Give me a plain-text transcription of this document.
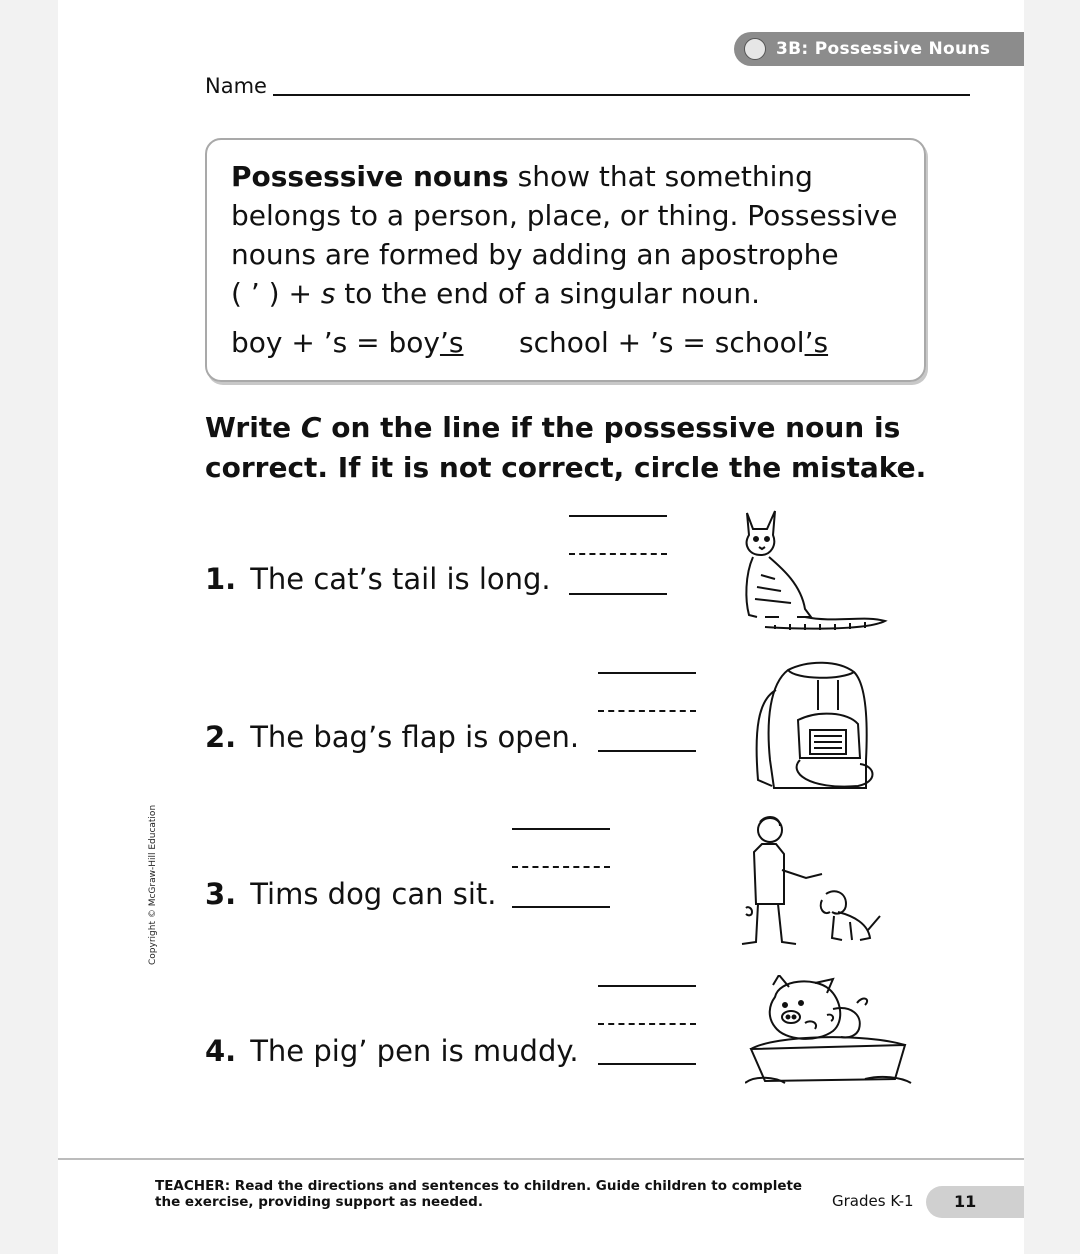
3B: Possessive Nouns
Name
Possessive nouns show that something
belongs to a person, place, or thing. Possessive
nouns are formed by adding an apostrophe
( ’ ) + s to the end of a singular noun.
boy + ’s = boy’s school + ’s = school’s
Write C on the line if the possessive noun is
correct. If it is not correct, circle the mistake.
1. The cat’s tail is long.
2. The bag’s flap is open.
3. Tims dog can sit.
4. The pig’ pen is muddy.
Copyright © McGraw-Hill Education
TEACHER: Read the directions and sentences to children. Guide children to complete
the exercise, providing support as needed.	Grades K-1	11
